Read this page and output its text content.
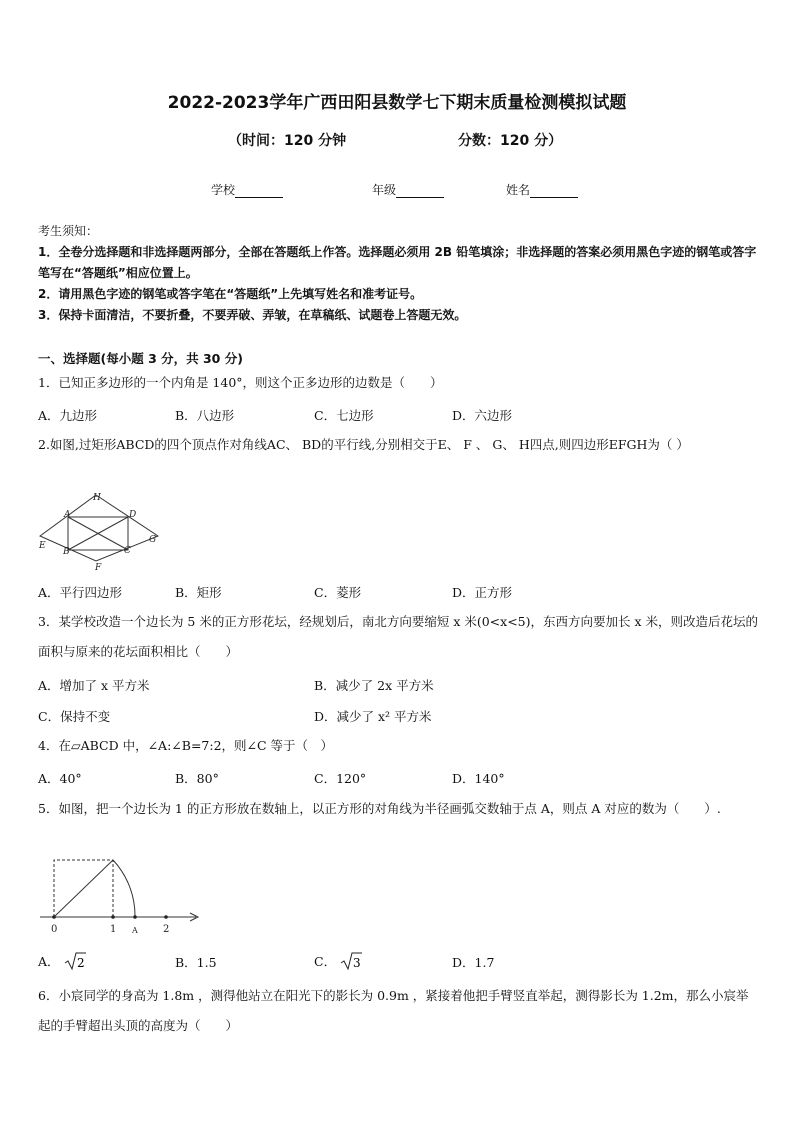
2022-2023学年广西田阳县数学七下期末质量检测模拟试题
（时间：120 分钟	分数：120 分）
学校	年级	姓名
考生须知：
1．全卷分选择题和非选择题两部分，全部在答题纸上作答。选择题必须用 2B 铅笔填涂；非选择题的答案必须用黑色字迹的钢笔或答字笔写在“答题纸”相应位置上。
2．请用黑色字迹的钢笔或答字笔在“答题纸”上先填写姓名和准考证号。
3．保持卡面清洁，不要折叠，不要弄破、弄皱，在草稿纸、试题卷上答题无效。
一、选择题(每小题 3 分，共 30 分)
1．已知正多边形的一个内角是 140°，则这个正多边形的边数是（　　）
A．九边形	B．八边形	C．七边形	D．六边形
2.如图,过矩形ABCD的四个顶点作对角线AC、 BD的平行线,分别相交于E、 F 、 G、 H四点,则四边形EFGH为（ ）
H
A	D
E
B	C
G
F
A．平行四边形	B．矩形	C．菱形	D．正方形
3．某学校改造一个边长为 5 米的正方形花坛，经规划后，南北方向要缩短 x 米(0<x<5)，东西方向要加长 x 米，则改造后花坛的面积与原来的花坛面积相比（　　）
A．增加了 x 平方米	B．减少了 2x 平方米
C．保持不变	D．减少了 x² 平方米
4．在▱ABCD 中，∠A:∠B=7:2，则∠C 等于（　）
A．40°	B．80°	C．120°	D．140°
5．如图，把一个边长为 1 的正方形放在数轴上，以正方形的对角线为半径画弧交数轴于点 A，则点 A 对应的数为（　　）.
0	1 A	2
A． 2	B．1.5	C． 3	D．1.7
6．小宸同学的身高为 1.8m ，测得他站立在阳光下的影长为 0.9m ，紧接着他把手臂竖直举起，测得影长为 1.2m，那么小宸举起的手臂超出头顶的高度为（　　）
